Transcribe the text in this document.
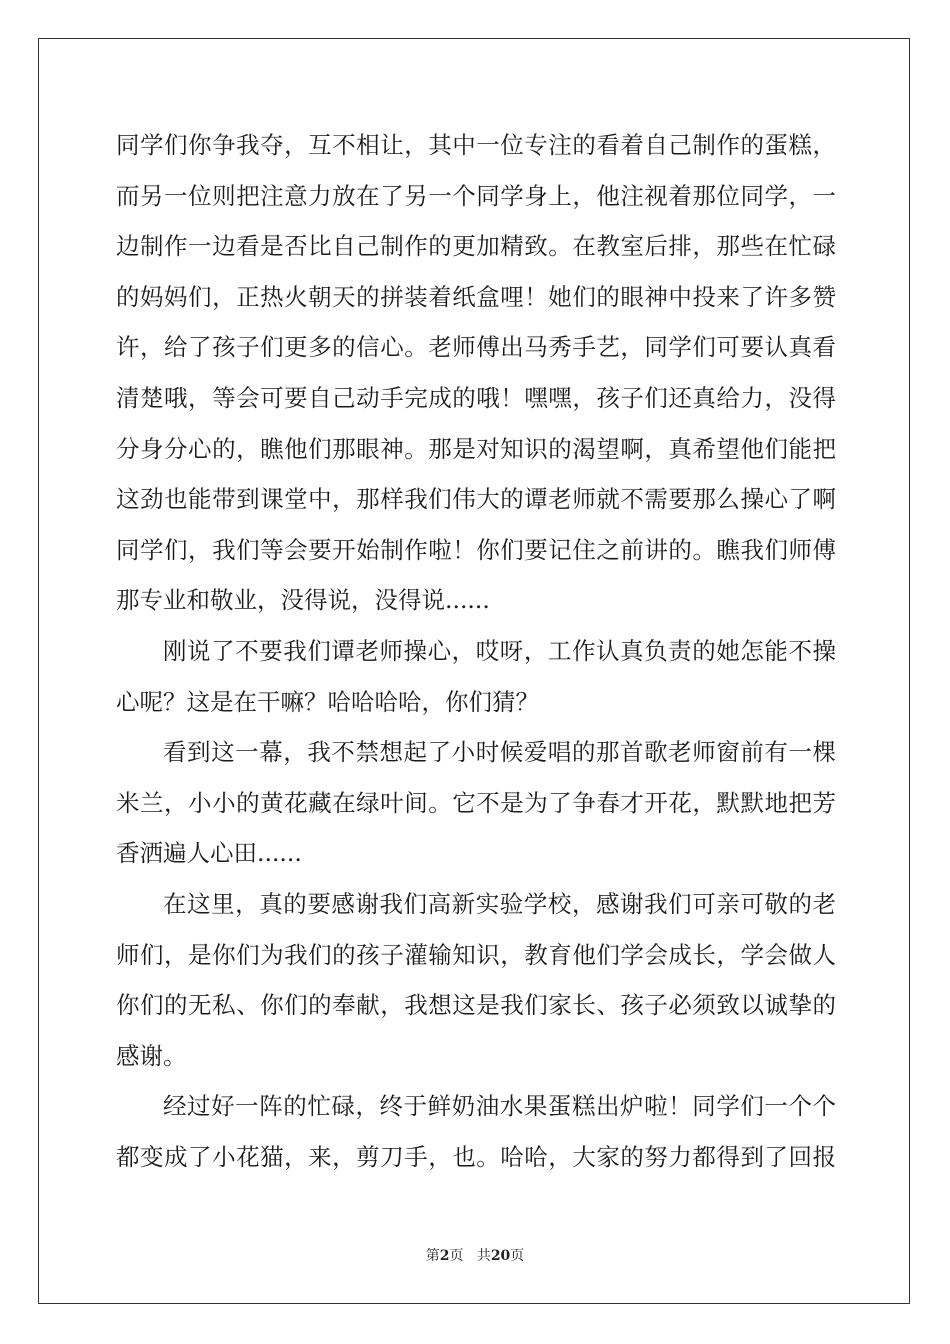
同学们你争我夺，互不相让，其中一位专注的看着自己制作的蛋糕，
而另一位则把注意力放在了另一个同学身上，他注视着那位同学，一
边制作一边看是否比自己制作的更加精致。在教室后排，那些在忙碌
的妈妈们，正热火朝天的拼装着纸盒哩！她们的眼神中投来了许多赞
许，给了孩子们更多的信心。老师傅出马秀手艺，同学们可要认真看
清楚哦，等会可要自己动手完成的哦！嘿嘿，孩子们还真给力，没得
分身分心的，瞧他们那眼神。那是对知识的渴望啊，真希望他们能把
这劲也能带到课堂中，那样我们伟大的谭老师就不需要那么操心了啊
同学们，我们等会要开始制作啦！你们要记住之前讲的。瞧我们师傅
那专业和敬业，没得说，没得说......
刚说了不要我们谭老师操心，哎呀，工作认真负责的她怎能不操
心呢？这是在干嘛？哈哈哈哈，你们猜？
看到这一幕，我不禁想起了小时候爱唱的那首歌老师窗前有一棵
米兰，小小的黄花藏在绿叶间。它不是为了争春才开花，默默地把芳
香洒遍人心田......
在这里，真的要感谢我们高新实验学校，感谢我们可亲可敬的老
师们，是你们为我们的孩子灌输知识，教育他们学会成长，学会做人
你们的无私、你们的奉献，我想这是我们家长、孩子必须致以诚挚的
感谢。
经过好一阵的忙碌，终于鲜奶油水果蛋糕出炉啦！同学们一个个
都变成了小花猫，来，剪刀手，也。哈哈，大家的努力都得到了回报
第2页 共20页
